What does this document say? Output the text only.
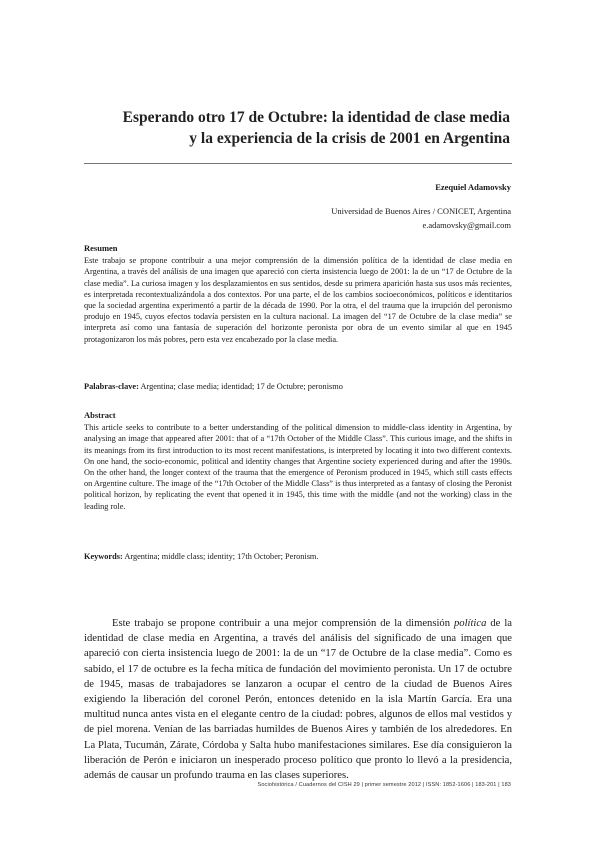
Esperando otro 17 de Octubre: la identidad de clase media
y la experiencia de la crisis de 2001 en Argentina
Ezequiel Adamovsky
Universidad de Buenos Aires / CONICET, Argentina
e.adamovsky@gmail.com
Resumen
Este trabajo se propone contribuir a una mejor comprensión de la dimensión política de la identidad de clase media en Argentina, a través del análisis de una imagen que apareció con cierta insistencia luego de 2001: la de un “17 de Octubre de la clase media”. La curiosa imagen y los desplazamientos en sus sentidos, desde su primera aparición hasta sus usos más recientes, es interpretada recontextualizándola a dos contextos. Por una parte, el de los cambios socioeconómicos, políticos e identitarios que la sociedad argentina experimentó a partir de la década de 1990. Por la otra, el del trauma que la irrupción del peronismo produjo en 1945, cuyos efectos todavía persisten en la cultura nacional. La imagen del “17 de Octubre de la clase media” se interpreta así como una fantasía de superación del horizonte peronista por obra de un evento similar al que en 1945 protagonizaron los más pobres, pero esta vez encabezado por la clase media.
Palabras-clave: Argentina; clase media; identidad; 17 de Octubre; peronismo
Abstract
This article seeks to contribute to a better understanding of the political dimension to middle-class identity in Argentina, by analysing an image that appeared after 2001: that of a “17th October of the Middle Class”. This curious image, and the shifts in its meanings from its first introduction to its most recent manifestations, is interpreted by locating it into two different contexts. On one hand, the socio-economic, political and identity changes that Argentine society experienced during and after the 1990s. On the other hand, the longer context of the trauma that the emergence of Peronism produced in 1945, which still casts effects on Argentine culture. The image of the “17th October of the Middle Class” is thus interpreted as a fantasy of closing the Peronist political horizon, by replicating the event that opened it in 1945, this time with the middle (and not the working) class in the leading role.
Keywords: Argentina; middle class; identity; 17th October; Peronism.
Este trabajo se propone contribuir a una mejor comprensión de la dimensión política de la identidad de clase media en Argentina, a través del análisis del significado de una imagen que apareció con cierta insistencia luego de 2001: la de un “17 de Octubre de la clase media”. Como es sabido, el 17 de octubre es la fecha mítica de fundación del movimiento peronista. Un 17 de octubre de 1945, masas de trabajadores se lanzaron a ocupar el centro de la ciudad de Buenos Aires exigiendo la liberación del coronel Perón, entonces detenido en la isla Martín García. Era una multitud nunca antes vista en el elegante centro de la ciudad: pobres, algunos de ellos mal vestidos y de piel morena. Venían de las barriadas humildes de Buenos Aires y también de los alrededores. En La Plata, Tucumán, Zárate, Córdoba y Salta hubo manifestaciones similares. Ese día consiguieron la liberación de Perón e iniciaron un inesperado proceso político que pronto lo llevó a la presidencia, además de causar un profundo trauma en las clases superiores.
Sociohistórica / Cuadernos del CISH 29 | primer semestre 2012 | ISSN: 1852-1606 | 183-201 | 183
